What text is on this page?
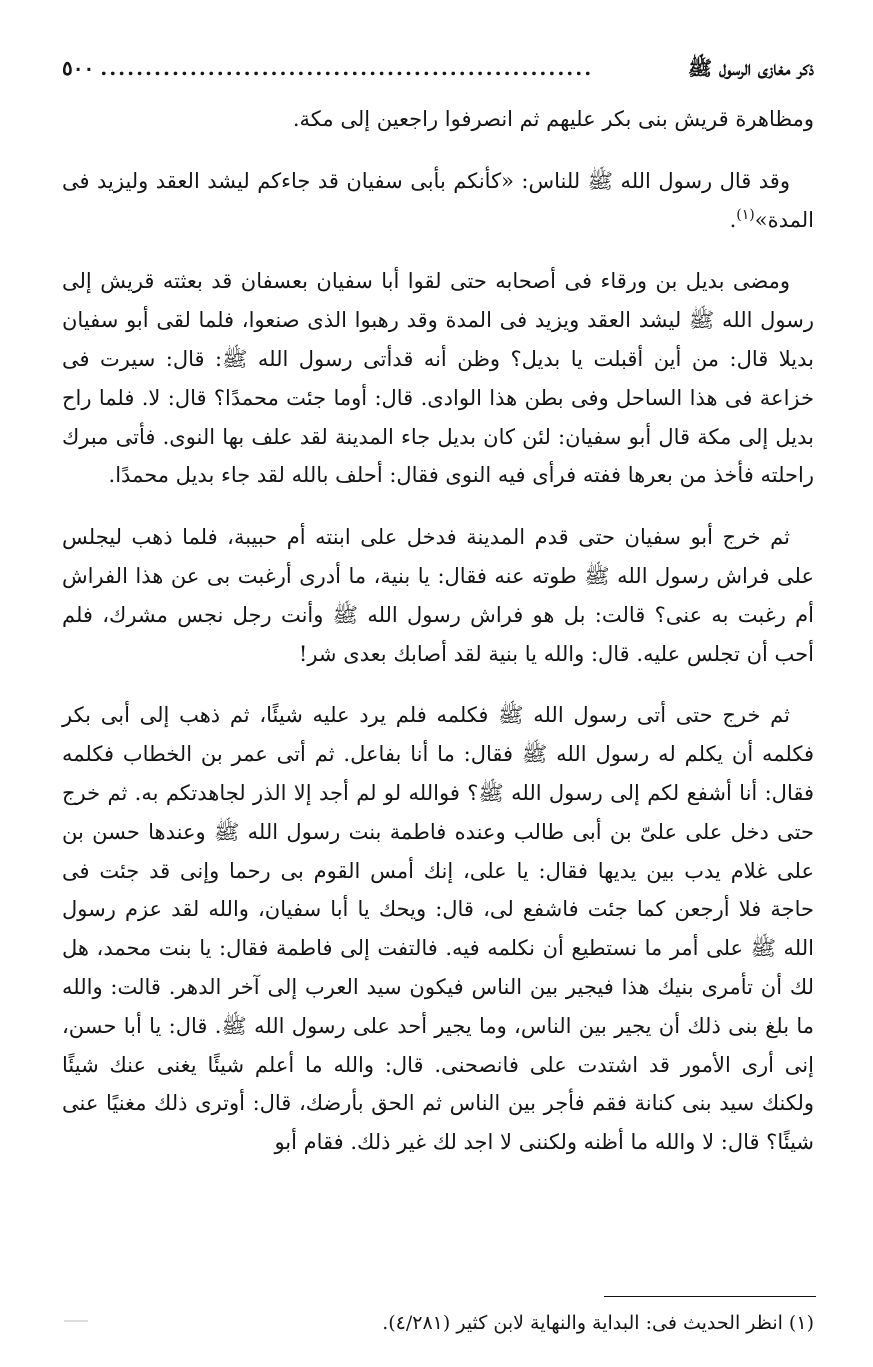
ذكر مغازى الرسول ﷺ
.......................................................
٥٠٠

ومظاهرة قريش بنى بكر عليهم ثم انصرفوا راجعين إلى مكة.

وقد قال رسول الله ﷺ للناس: «كأنكم بأبى سفيان قد جاءكم ليشد العقد وليزيد فى المدة»$^{(١)}$.

ومضى بديل بن ورقاء فى أصحابه حتى لقوا أبا سفيان بعسفان قد بعثته قريش إلى رسول الله ﷺ ليشد العقد ويزيد فى المدة وقد رهبوا الذى صنعوا، فلما لقى أبو سفيان بديلا قال: من أين أقبلت يا بديل؟ وظن أنه قدأتى رسول الله ﷺ: قال: سيرت فى خزاعة فى هذا الساحل وفى بطن هذا الوادى. قال: أوما جئت محمدًا؟ قال: لا. فلما راح بديل إلى مكة قال أبو سفيان: لئن كان بديل جاء المدينة لقد علف بها النوى. فأتى مبرك راحلته فأخذ من بعرها ففته فرأى فيه النوى فقال: أحلف بالله لقد جاء بديل محمدًا.

ثم خرج أبو سفيان حتى قدم المدينة فدخل على ابنته أم حبيبة، فلما ذهب ليجلس على فراش رسول الله ﷺ طوته عنه فقال: يا بنية، ما أدرى أرغبت بى عن هذا الفراش أم رغبت به عنى؟ قالت: بل هو فراش رسول الله ﷺ وأنت رجل نجس مشرك، فلم أحب أن تجلس عليه. قال: والله يا بنية لقد أصابك بعدى شر!

ثم خرج حتى أتى رسول الله ﷺ فكلمه فلم يرد عليه شيئًا، ثم ذهب إلى أبى بكر فكلمه أن يكلم له رسول الله ﷺ فقال: ما أنا بفاعل. ثم أتى عمر بن الخطاب فكلمه فقال: أنا أشفع لكم إلى رسول الله ﷺ؟ فوالله لو لم أجد إلا الذر لجاهدتكم به. ثم خرج حتى دخل على علىّ بن أبى طالب وعنده فاطمة بنت رسول الله ﷺ وعندها حسن بن على غلام يدب بين يديها فقال: يا على، إنك أمس القوم بى رحما وإنى قد جئت فى حاجة فلا أرجعن كما جئت فاشفع لى، قال: ويحك يا أبا سفيان، والله لقد عزم رسول الله ﷺ على أمر ما نستطيع أن نكلمه فيه. فالتفت إلى فاطمة فقال: يا بنت محمد، هل لك أن تأمرى بنيك هذا فيجير بين الناس فيكون سيد العرب إلى آخر الدهر. قالت: والله ما بلغ بنى ذلك أن يجير بين الناس، وما يجير أحد على رسول الله ﷺ. قال: يا أبا حسن، إنى أرى الأمور قد اشتدت على فانصحنى. قال: والله ما أعلم شيئًا يغنى عنك شيئًا ولكنك سيد بنى كنانة فقم فأجر بين الناس ثم الحق بأرضك، قال: أوترى ذلك مغنيًا عنى شيئًا؟ قال: لا والله ما أظنه ولكننى لا اجد لك غير ذلك. فقام أبو

(١) انظر الحديث فى: البداية والنهاية لابن كثير (٤/٢٨١).
